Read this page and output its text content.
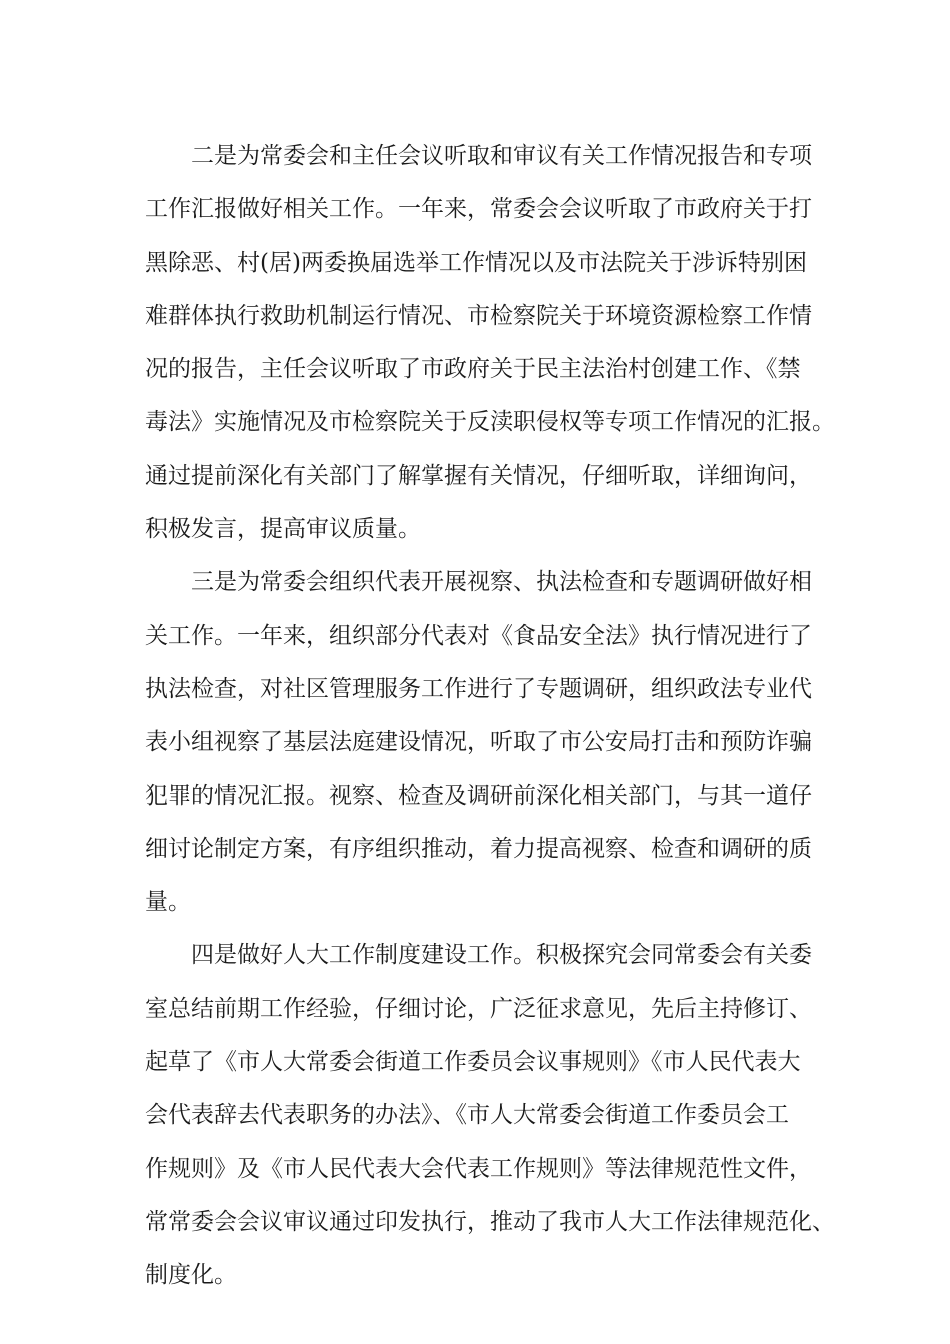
二是为常委会和主任会议听取和审议有关工作情况报告和专项
工作汇报做好相关工作。一年来，常委会会议听取了市政府关于打
黑除恶、村(居)两委换届选举工作情况以及市法院关于涉诉特别困
难群体执行救助机制运行情况、市检察院关于环境资源检察工作情
况的报告，主任会议听取了市政府关于民主法治村创建工作、《禁
毒法》实施情况及市检察院关于反渎职侵权等专项工作情况的汇报。
通过提前深化有关部门了解掌握有关情况，仔细听取，详细询问，
积极发言，提高审议质量。

三是为常委会组织代表开展视察、执法检查和专题调研做好相
关工作。一年来，组织部分代表对《食品安全法》执行情况进行了
执法检查，对社区管理服务工作进行了专题调研，组织政法专业代
表小组视察了基层法庭建设情况，听取了市公安局打击和预防诈骗
犯罪的情况汇报。视察、检查及调研前深化相关部门，与其一道仔
细讨论制定方案，有序组织推动，着力提高视察、检查和调研的质
量。

四是做好人大工作制度建设工作。积极探究会同常委会有关委
室总结前期工作经验，仔细讨论，广泛征求意见，先后主持修订、
起草了《市人大常委会街道工作委员会议事规则》《市人民代表大
会代表辞去代表职务的办法》、《市人大常委会街道工作委员会工
作规则》及《市人民代表大会代表工作规则》等法律规范性文件，
常常委会会议审议通过印发执行，推动了我市人大工作法律规范化、
制度化。
